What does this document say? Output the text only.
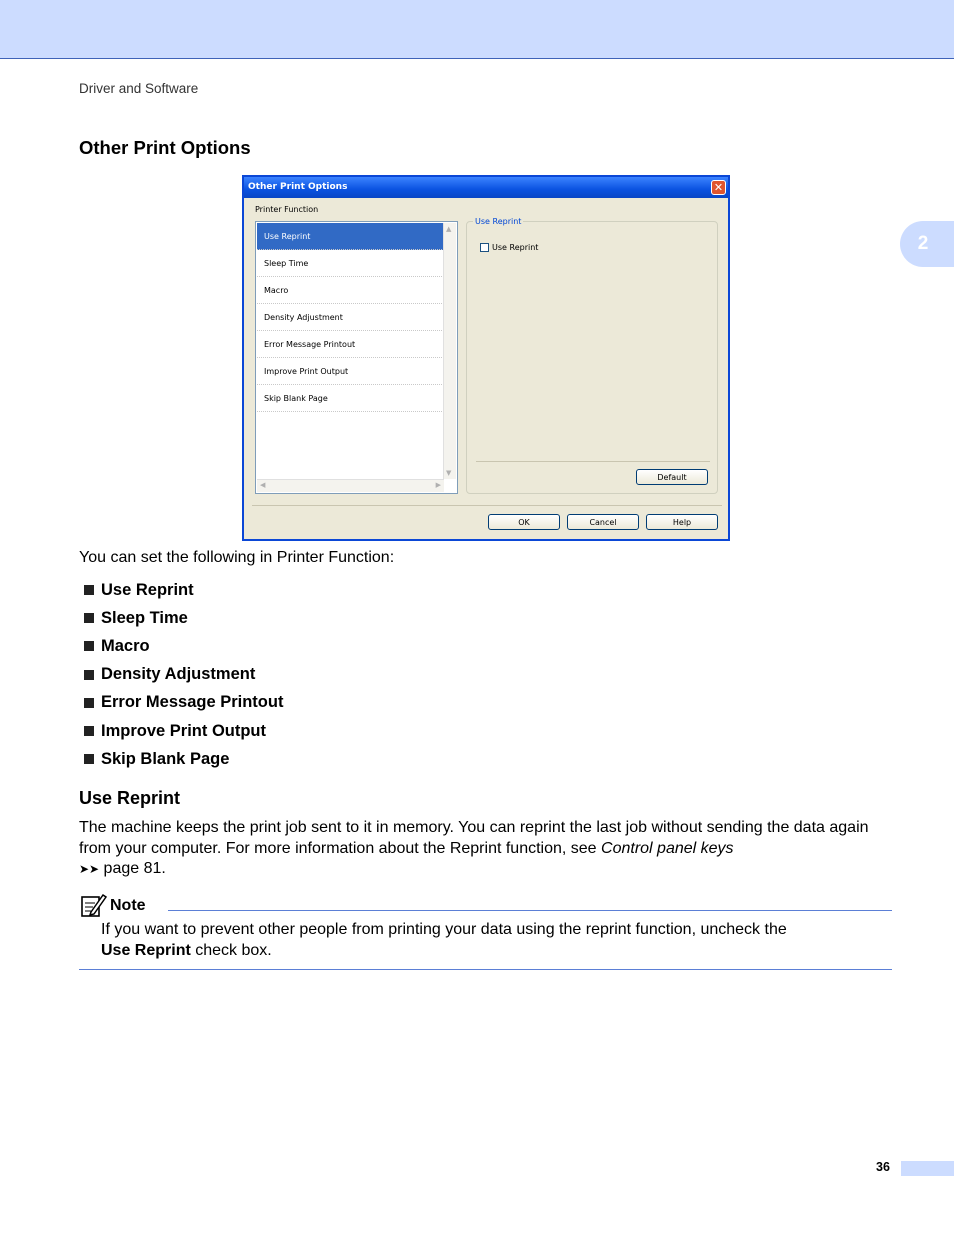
Driver and Software
2
Other Print Options
Other Print Options	✕
Printer Function
Use Reprint
Sleep Time
Macro
Density Adjustment
Error Message Printout
Improve Print Output
Skip Blank Page
▲
▼
◀	▶
Use Reprint
Use Reprint
Default
OK	Cancel	Help
You can set the following in Printer Function:
Use Reprint
Sleep Time
Macro
Density Adjustment
Error Message Printout
Improve Print Output
Skip Blank Page
Use Reprint
The machine keeps the print job sent to it in memory. You can reprint the last job without sending the data again from your computer. For more information about the Reprint function, see Control panel keys
➤➤ page 81.
Note
If you want to prevent other people from printing your data using the reprint function, uncheck the
Use Reprint check box.
36
